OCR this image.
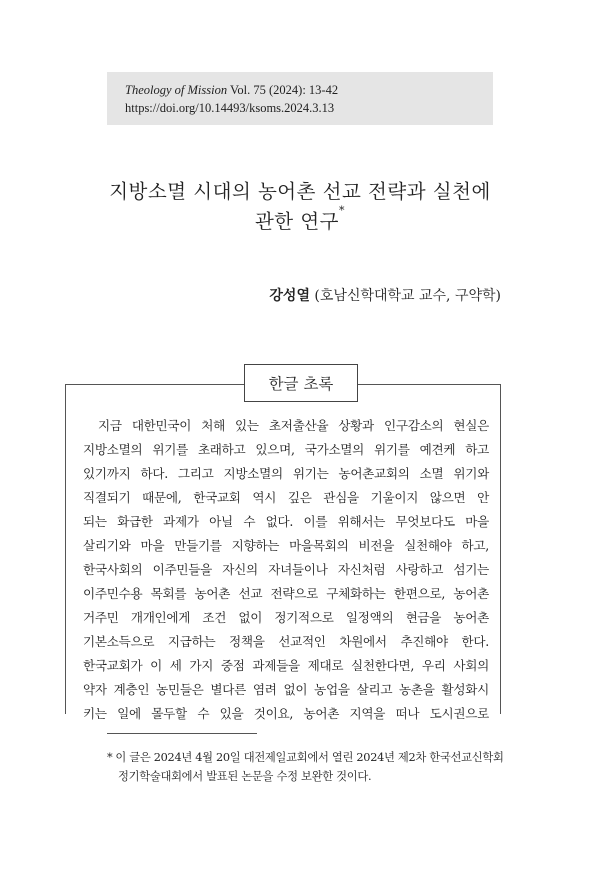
Theology of Mission Vol. 75 (2024): 13-42
https://doi.org/10.14493/ksoms.2024.3.13
지방소멸 시대의 농어촌 선교 전략과 실천에
관한 연구*
강성열 (호남신학대학교 교수, 구약학)
한글 초록
지금 대한민국이 처해 있는 초저출산율 상황과 인구감소의 현실은
지방소멸의 위기를 초래하고 있으며, 국가소멸의 위기를 예견케 하고
있기까지 하다. 그리고 지방소멸의 위기는 농어촌교회의 소멸 위기와
직결되기 때문에, 한국교회 역시 깊은 관심을 기울이지 않으면 안
되는 화급한 과제가 아닐 수 없다. 이를 위해서는 무엇보다도 마을
살리기와 마을 만들기를 지향하는 마을목회의 비전을 실천해야 하고,
한국사회의 이주민들을 자신의 자녀들이나 자신처럼 사랑하고 섬기는
이주민수용 목회를 농어촌 선교 전략으로 구체화하는 한편으로, 농어촌
거주민 개개인에게 조건 없이 정기적으로 일정액의 현금을 농어촌
기본소득으로 지급하는 정책을 선교적인 차원에서 추진해야 한다.
한국교회가 이 세 가지 중점 과제들을 제대로 실천한다면, 우리 사회의
약자 계층인 농민들은 별다른 염려 없이 농업을 살리고 농촌을 활성화시
키는 일에 몰두할 수 있을 것이요, 농어촌 지역을 떠나 도시권으로
* 이 글은 2024년 4월 20일 대전제일교회에서 열린 2024년 제2차 한국선교신학회
정기학술대회에서 발표된 논문을 수정 보완한 것이다.
